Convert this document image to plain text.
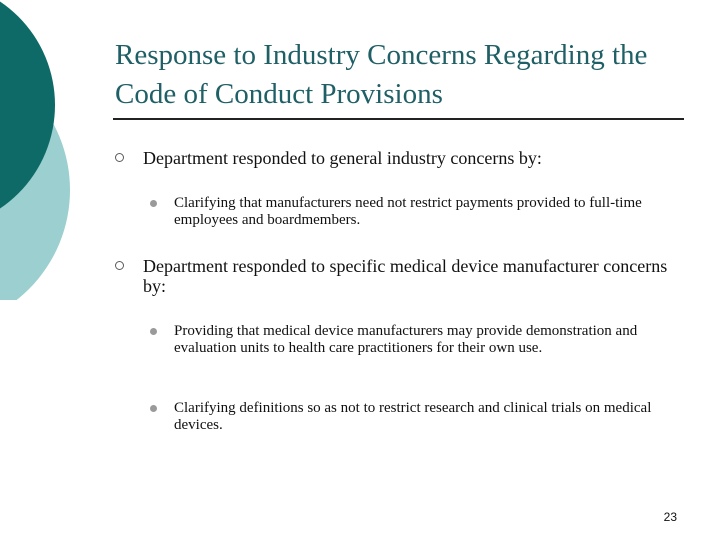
Response to Industry Concerns Regarding the Code of Conduct Provisions
Department responded to general industry concerns by:
Clarifying that manufacturers need not restrict payments provided to full-time employees and boardmembers.
Department responded to specific medical device manufacturer concerns by:
Providing that medical device manufacturers may provide demonstration and evaluation units to health care practitioners for their own use.
Clarifying definitions so as not to restrict research and clinical trials on medical devices.
23
